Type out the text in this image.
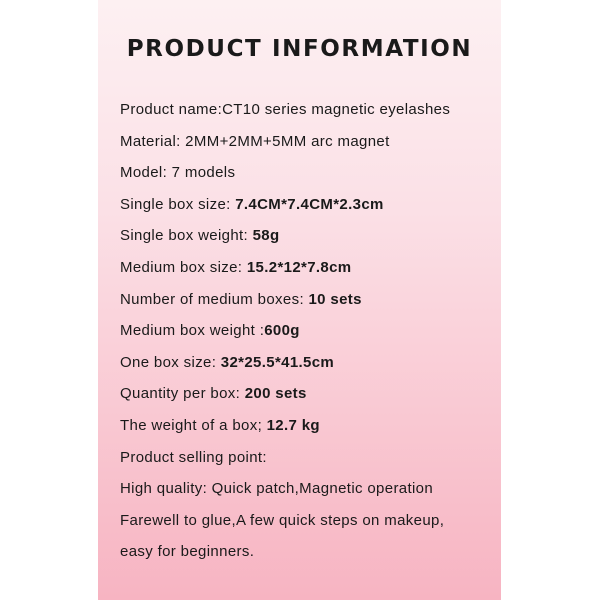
PRODUCT INFORMATION
Product name:CT10 series magnetic eyelashes
Material: 2MM+2MM+5MM arc magnet
Model: 7 models
Single box size: 7.4CM*7.4CM*2.3cm
Single box weight: 58g
Medium box size: 15.2*12*7.8cm
Number of medium boxes: 10 sets
Medium box weight :600g
One box size: 32*25.5*41.5cm
Quantity per box: 200 sets
The weight of a box; 12.7 kg
Product selling point:
High quality: Quick patch,Magnetic operation
Farewell to glue,A few quick steps on makeup,
easy for beginners.
